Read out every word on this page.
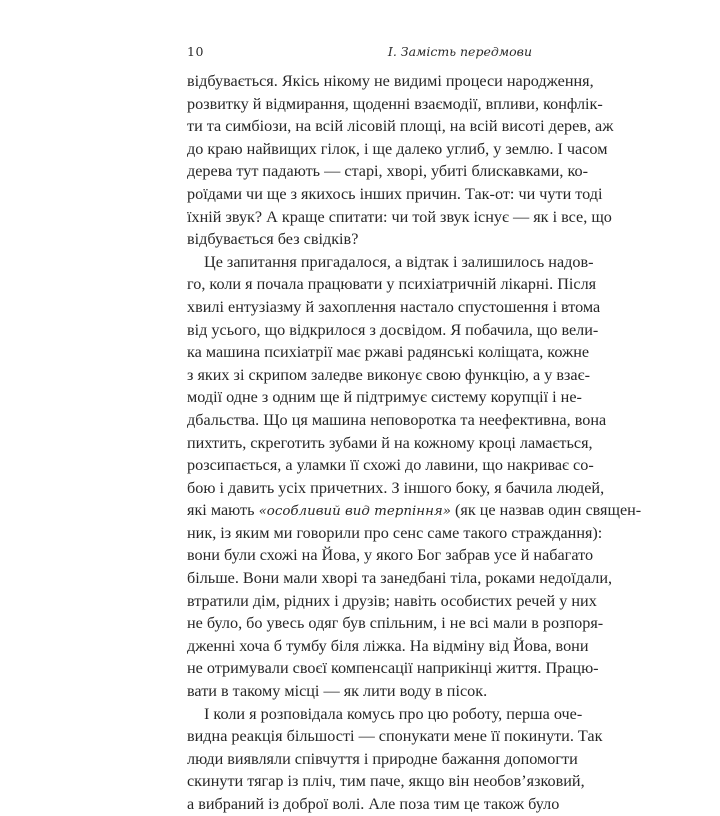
10	I. Замість передмови
відбувається. Якісь нікому не видимі процеси народження,
розвитку й відмирання, щоденні взаємодії, впливи, конфлік-
ти та симбіози, на всій лісовій площі, на всій висоті дерев, аж
до краю найвищих гілок, і ще далеко углиб, у землю. І часом
дерева тут падають — старі, хворі, убиті блискавками, ко-
роїдами чи ще з якихось інших причин. Так-от: чи чути тоді
їхній звук? А краще спитати: чи той звук існує — як і все, що
відбувається без свідків?
Це запитання пригадалося, а відтак і залишилось надов-
го, коли я почала працювати у психіатричній лікарні. Після
хвилі ентузіазму й захоплення настало спустошення і втома
від усього, що відкрилося з досвідом. Я побачила, що вели-
ка машина психіатрії має ржаві радянські коліщата, кожне
з яких зі скрипом заледве виконує свою функцію, а у взає-
модії одне з одним ще й підтримує систему корупції і не-
дбальства. Що ця машина неповоротка та неефективна, вона
пихтить, скреготить зубами й на кожному кроці ламається,
розсипається, а уламки її схожі до лавини, що накриває со-
бою і давить усіх причетних. З іншого боку, я бачила людей,
які мають «особливий вид терпіння» (як це назвав один священ-
ник, із яким ми говорили про сенс саме такого страждання):
вони були схожі на Йова, у якого Бог забрав усе й набагато
більше. Вони мали хворі та занедбані тіла, роками недоїдали,
втратили дім, рідних і друзів; навіть особистих речей у них
не було, бо увесь одяг був спільним, і не всі мали в розпоря-
дженні хоча б тумбу біля ліжка. На відміну від Йова, вони
не отримували своєї компенсації наприкінці життя. Працю-
вати в такому місці — як лити воду в пісок.
І коли я розповідала комусь про цю роботу, перша оче-
видна реакція більшості — спонукати мене її покинути. Так
люди виявляли співчуття і природне бажання допомогти
скинути тягар із пліч, тим паче, якщо він необов’язковий,
а вибраний із доброї волі. Але поза тим це також було
